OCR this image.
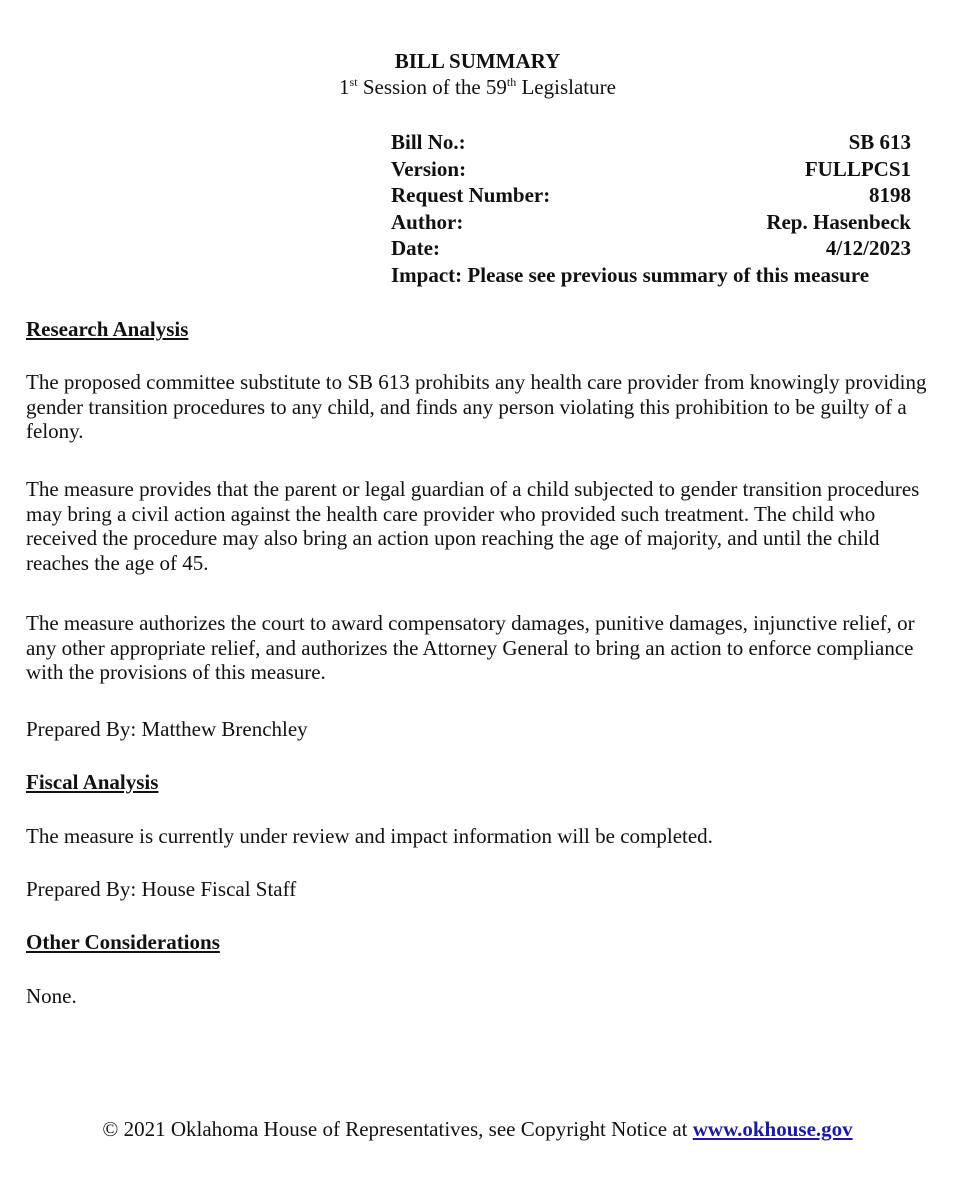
BILL SUMMARY
1st Session of the 59th Legislature
Bill No.:	SB 613
Version:	FULLPCS1
Request Number:	8198
Author:	Rep. Hasenbeck
Date:	4/12/2023
Impact: Please see previous summary of this measure
Research Analysis
The proposed committee substitute to SB 613 prohibits any health care provider from knowingly providing gender transition procedures to any child, and finds any person violating this prohibition to be guilty of a felony.
The measure provides that the parent or legal guardian of a child subjected to gender transition procedures may bring a civil action against the health care provider who provided such treatment. The child who received the procedure may also bring an action upon reaching the age of majority, and until the child reaches the age of 45.
The measure authorizes the court to award compensatory damages, punitive damages, injunctive relief, or any other appropriate relief, and authorizes the Attorney General to bring an action to enforce compliance with the provisions of this measure.
Prepared By: Matthew Brenchley
Fiscal Analysis
The measure is currently under review and impact information will be completed.
Prepared By: House Fiscal Staff
Other Considerations
None.
© 2021 Oklahoma House of Representatives, see Copyright Notice at www.okhouse.gov
